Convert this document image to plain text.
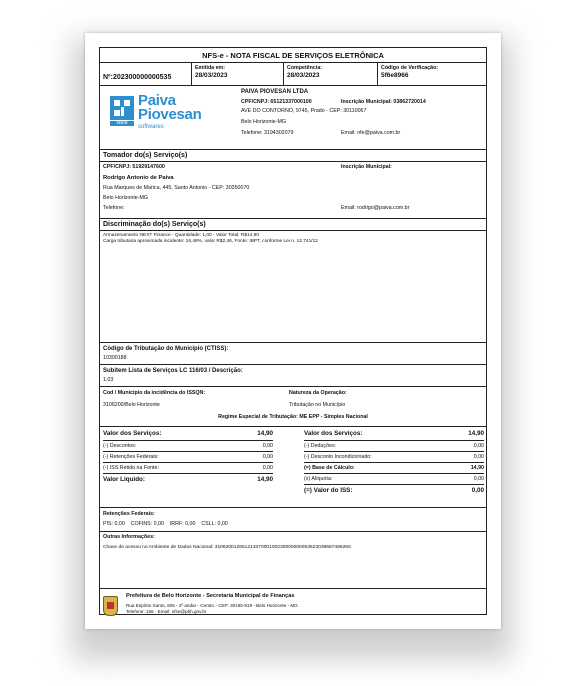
NFS-e - NOTA FISCAL DE SERVIÇOS ELETRÔNICA
Nº:202300000000535
Emitida em:
28/03/2023
Competência:
28/03/2023
Código de Verificação:
5f6e8966
TESTE
Paiva
Piovesan
softwares
PAIVA PIOVESAN LTDA
CPF/CNPJ: 65121337000100	Inscrição Municipal: 03862720014
AVE DO CONTORNO, 9745, Prado - CEP: 30110067
Belo Horizonte-MG
Telefone: 3194302079	Email: nfe@paiva.com.br
Tomador do(s) Serviço(s)
CPF/CNPJ: 51929147600	Inscrição Municipal:
Rodrigo Antonio de Paiva
Rua Marques de Marica, 445, Santo Antonio - CEP: 30350070
Belo Horizonte-MG
Telefone:	Email: rodrigo@paiva.com.br
Discriminação do(s) Serviço(s)
Armazenamento NEXT Finance - Quantidade: 1,00 - Valor Total: R$14,90
Carga tributaria aproximada incidente: 16,48%, valor R$2,46, Fonte: IBPT, conforme Lei n. 12.741/12
Código de Tributação do Município (CTISS):
10300188
Subitem Lista de Serviços LC 116/03 / Descrição:
1.03
Cod / Município da incidência do ISSQN:
3106200/Belo Horizonte
Natureza da Operação:
Tributação no Município
Regime Especial de Tributação: ME EPP - Simples Nacional
Valor dos Serviços:	14,90
(-) Descontos:	0,00
(-) Retenções Federais:	0,00
(-) ISS Retido na Fonte:	0,00
Valor Líquido:	14,90
Valor dos Serviços:	14,90
(-) Deduções:	0,00
(-) Desconto Incondicionado:	0,00
(=) Base de Cálculo:	14,90
(x) Alíquota:	0,00
(=) Valor do ISS:	0,00
Retenções Federais:
PIS: 0,00    COFINS: 0,00    IRRF: 0,00    CSLL: 0,00
Outras Informações:
Chave de acesso no Ambiente de Dados Nacional: 31062001265121337000100230000000053523039687496260.
Prefeitura de Belo Horizonte - Secretaria Municipal de Finanças
Rua Espírito Santo, 605 - 2º andar - Centro - CEP: 30160-919 - Belo Horizonte - MG.
Telefone: 156 - Email: nfse@pbh.gov.br
